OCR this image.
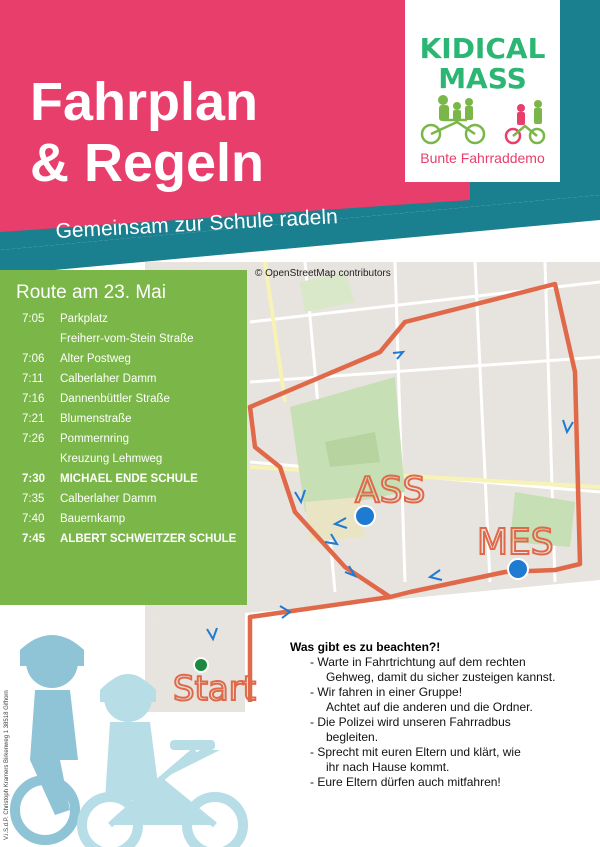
Fahrplan
& Regeln
KIDICAL
MASS
Bunte Fahrraddemo
Gemeinsam zur Schule radeln
ASS
MES
Start
© OpenStreetMap contributors
Route am 23. Mai
7:05	Parkplatz
Freiherr-vom-Stein Straße
7:06	Alter Postweg
7:11	Calberlaher Damm
7:16	Dannenbüttler Straße
7:21	Blumenstraße
7:26	Pommernring
Kreuzung Lehmweg
7:30	MICHAEL ENDE SCHULE
7:35	Calberlaher Damm
7:40	Bauernkamp
7:45	ALBERT SCHWEITZER SCHULE
Was gibt es zu beachten?!
- Warte in Fahrtrichtung auf dem rechten
Gehweg, damit du sicher zusteigen kannst.
- Wir fahren in einer Gruppe!
Achtet auf die anderen und die Ordner.
- Die Polizei wird unseren Fahrradbus
begleiten.
- Sprecht mit euren Eltern und klärt, wie
ihr nach Hause kommt.
- Eure Eltern dürfen auch mitfahren!
V.i.S.d.P. Christoph Kramers Birkenweg 1 38518 Gifhorn
